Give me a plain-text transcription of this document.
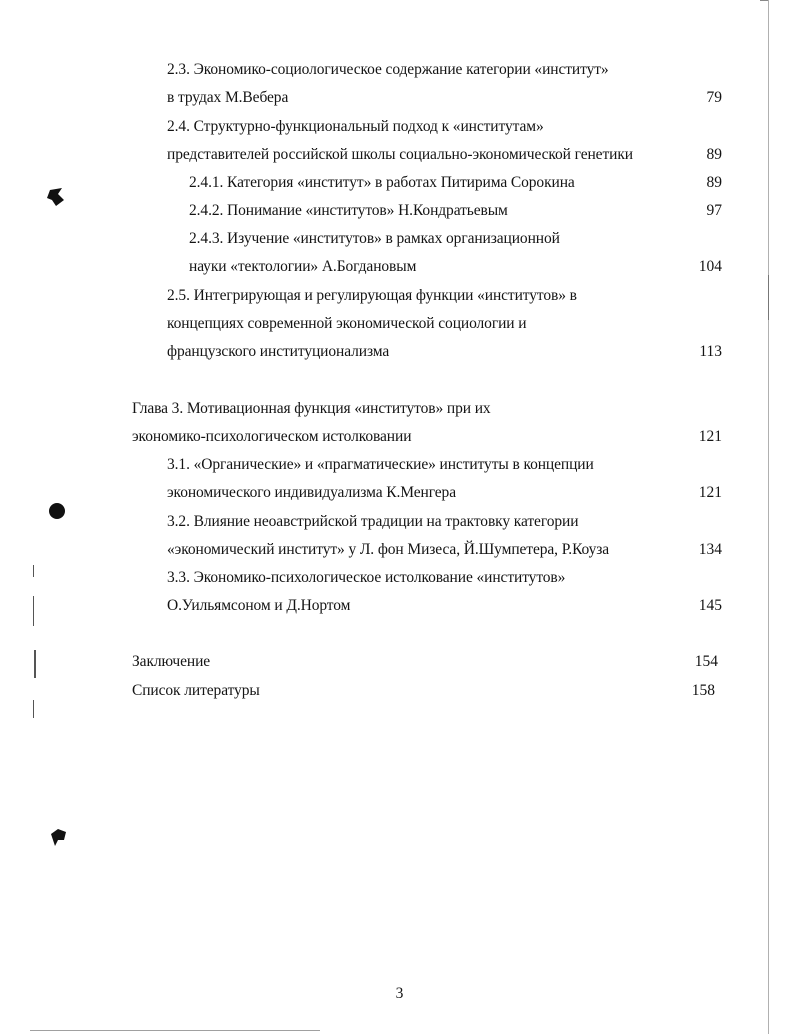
2.3. Экономико-социологическое содержание категории «институт»
в трудах М.Вебера	79
2.4. Структурно-функциональный подход к «институтам»
представителей российской школы социально-экономической генетики	89
2.4.1. Категория «институт» в работах Питирима Сорокина	89
2.4.2. Понимание «институтов» Н.Кондратьевым	97
2.4.3. Изучение «институтов» в рамках организационной
науки «тектологии» А.Богдановым	104
2.5. Интегрирующая и регулирующая функции «институтов» в
концепциях современной экономической социологии и
французского институционализма	113
Глава 3. Мотивационная функция «институтов» при их
экономико-психологическом истолковании	121
3.1. «Органические» и «прагматические» институты в концепции
экономического индивидуализма К.Менгера	121
3.2. Влияние неоавстрийской традиции на трактовку категории
«экономический институт» у Л. фон Мизеса, Й.Шумпетера, Р.Коуза	134
3.3. Экономико-психологическое истолкование «институтов»
О.Уильямсоном и Д.Нортом	145
Заключение	154
Список литературы	158
3
